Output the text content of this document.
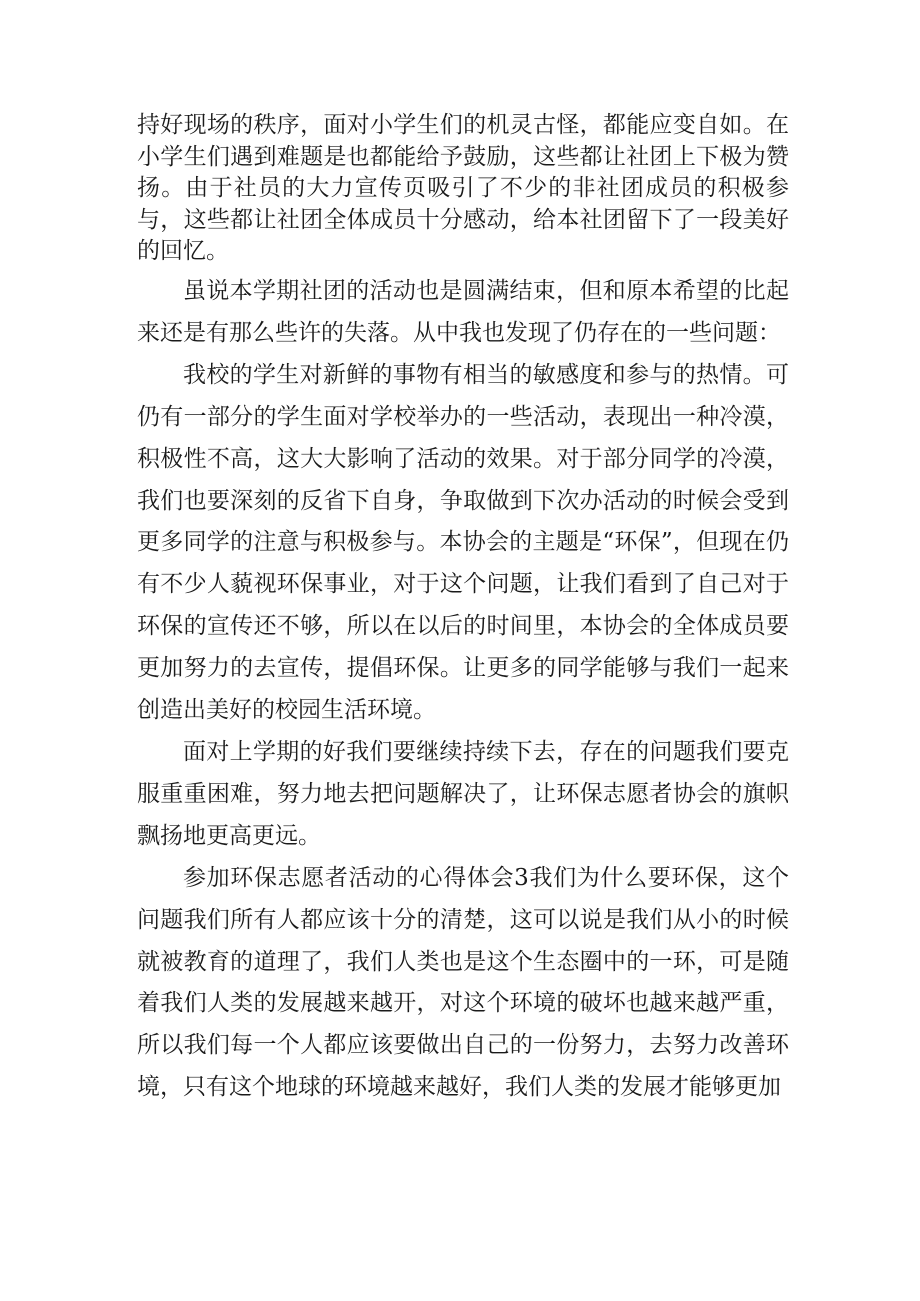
持好现场的秩序，面对小学生们的机灵古怪，都能应变自如。在小学生们遇到难题是也都能给予鼓励，这些都让社团上下极为赞扬。由于社员的大力宣传页吸引了不少的非社团成员的积极参与，这些都让社团全体成员十分感动，给本社团留下了一段美好的回忆。

虽说本学期社团的活动也是圆满结束，但和原本希望的比起来还是有那么些许的失落。从中我也发现了仍存在的一些问题：

我校的学生对新鲜的事物有相当的敏感度和参与的热情。可仍有一部分的学生面对学校举办的一些活动，表现出一种冷漠，积极性不高，这大大影响了活动的效果。对于部分同学的冷漠，我们也要深刻的反省下自身，争取做到下次办活动的时候会受到更多同学的注意与积极参与。本协会的主题是“环保”，但现在仍有不少人藐视环保事业，对于这个问题，让我们看到了自己对于环保的宣传还不够，所以在以后的时间里，本协会的全体成员要更加努力的去宣传，提倡环保。让更多的同学能够与我们一起来创造出美好的校园生活环境。

面对上学期的好我们要继续持续下去，存在的问题我们要克服重重困难，努力地去把问题解决了，让环保志愿者协会的旗帜飘扬地更高更远。

参加环保志愿者活动的心得体会3我们为什么要环保，这个问题我们所有人都应该十分的清楚，这可以说是我们从小的时候就被教育的道理了，我们人类也是这个生态圈中的一环，可是随着我们人类的发展越来越开，对这个环境的破坏也越来越严重，所以我们每一个人都应该要做出自己的一份努力，去努力改善环境，只有这个地球的环境越来越好，我们人类的发展才能够更加
